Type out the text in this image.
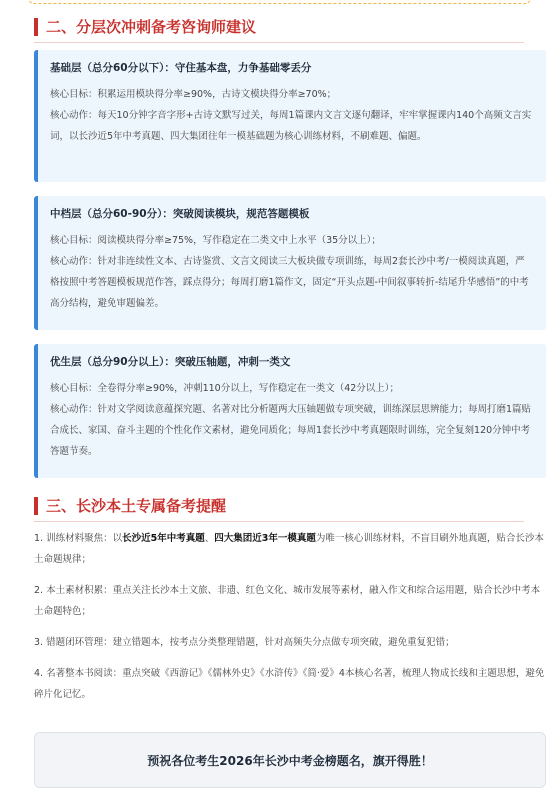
二、分层次冲刺备考咨询师建议
基础层（总分60分以下）：守住基本盘，力争基础零丢分

核心目标：积累运用模块得分率≥90%，古诗文模块得分率≥70%；

核心动作：每天10分钟字音字形+古诗文默写过关，每周1篇课内文言文逐句翻译，牢牢掌握课内140个高频文言实词，以长沙近5年中考真题、四大集团往年一模基础题为核心训练材料，不刷难题、偏题。

中档层（总分60-90分）：突破阅读模块，规范答题模板

核心目标：阅读模块得分率≥75%，写作稳定在二类文中上水平（35分以上）；

核心动作：针对非连续性文本、古诗鉴赏、文言文阅读三大板块做专项训练，每周2套长沙中考/一模阅读真题，严格按照中考答题模板规范作答，踩点得分；每周打磨1篇作文，固定“开头点题-中间叙事转折-结尾升华感悟”的中考高分结构，避免审题偏差。

优生层（总分90分以上）：突破压轴题，冲刺一类文

核心目标：全卷得分率≥90%，冲刺110分以上，写作稳定在一类文（42分以上）；

核心动作：针对文学阅读意蕴探究题、名著对比分析题两大压轴题做专项突破，训练深层思辨能力；每周打磨1篇贴合成长、家国、奋斗主题的个性化作文素材，避免同质化；每周1套长沙中考真题限时训练，完全复刻120分钟中考答题节奏。

三、长沙本土专属备考提醒

1. 训练材料聚焦：以长沙近5年中考真题、四大集团近3年一模真题为唯一核心训练材料，不盲目刷外地真题，贴合长沙本土命题规律；

2. 本土素材积累：重点关注长沙本土文旅、非遗、红色文化、城市发展等素材，融入作文和综合运用题，贴合长沙中考本土命题特色；

3. 错题闭环管理：建立错题本，按考点分类整理错题，针对高频失分点做专项突破，避免重复犯错；

4. 名著整本书阅读：重点突破《西游记》《儒林外史》《水浒传》《简·爱》4本核心名著，梳理人物成长线和主题思想，避免碎片化记忆。

预祝各位考生2026年长沙中考金榜题名，旗开得胜！
